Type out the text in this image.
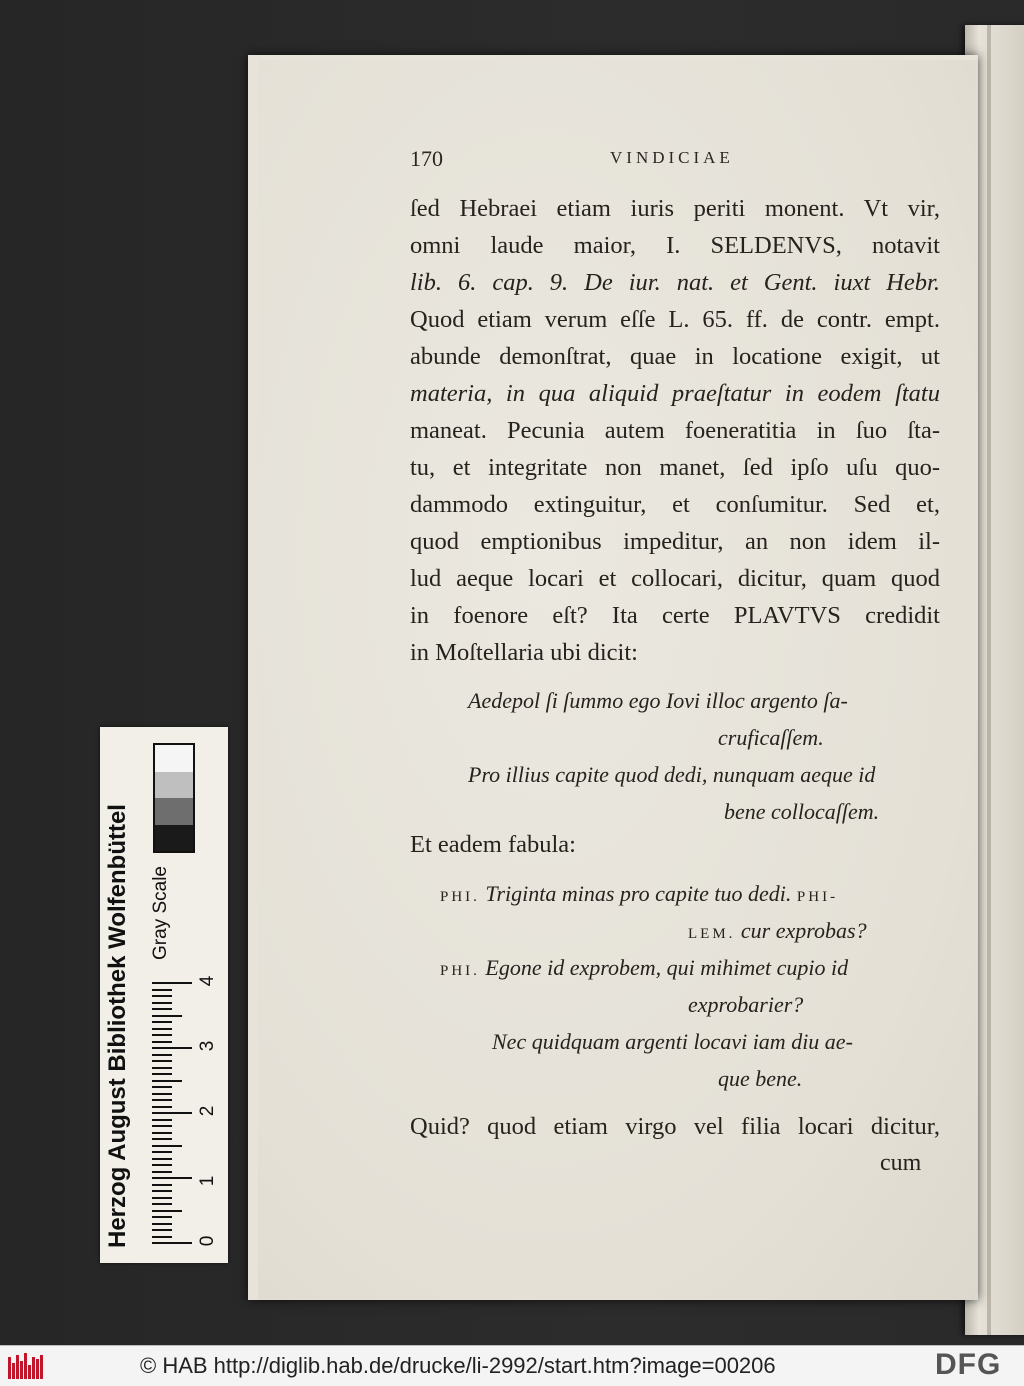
170	VINDICIAE
ſed Hebraei etiam iuris periti monent. Vt vir,
omni laude maior, I. SELDENVS, notavit
lib. 6. cap. 9. De iur. nat. et Gent. iuxt Hebr.
Quod etiam verum eſſe L. 65. ff. de contr. empt.
abunde demonſtrat, quae in locatione exigit, ut
materia, in qua aliquid praeſtatur in eodem ſtatu
maneat. Pecunia autem foeneratitia in ſuo ſta-
tu, et integritate non manet, ſed ipſo uſu quo-
dammodo extinguitur, et conſumitur. Sed et,
quod emptionibus impeditur, an non idem il-
lud aeque locari et collocari, dicitur, quam quod
in foenore eſt? Ita certe PLAVTVS credidit
in Moſtellaria ubi dicit:
Aedepol ſi ſummo ego Iovi illoc argento ſa-
cruficaſſem.
Pro illius capite quod dedi, nunquam aeque id
bene collocaſſem.
Et eadem fabula:
PHI. Triginta minas pro capite tuo dedi. PHI-
LEM. cur exprobas?
PHI. Egone id exprobem, qui mihimet cupio id
exprobarier?
Nec quidquam argenti locavi iam diu ae-
que bene.
Quid? quod etiam virgo vel filia locari dicitur,
cum
Herzog August Bibliothek Wolfenbüttel Gray Scale
0
1
2
3
4
© HAB http://diglib.hab.de/drucke/li-2992/start.htm?image=00206	DFG
